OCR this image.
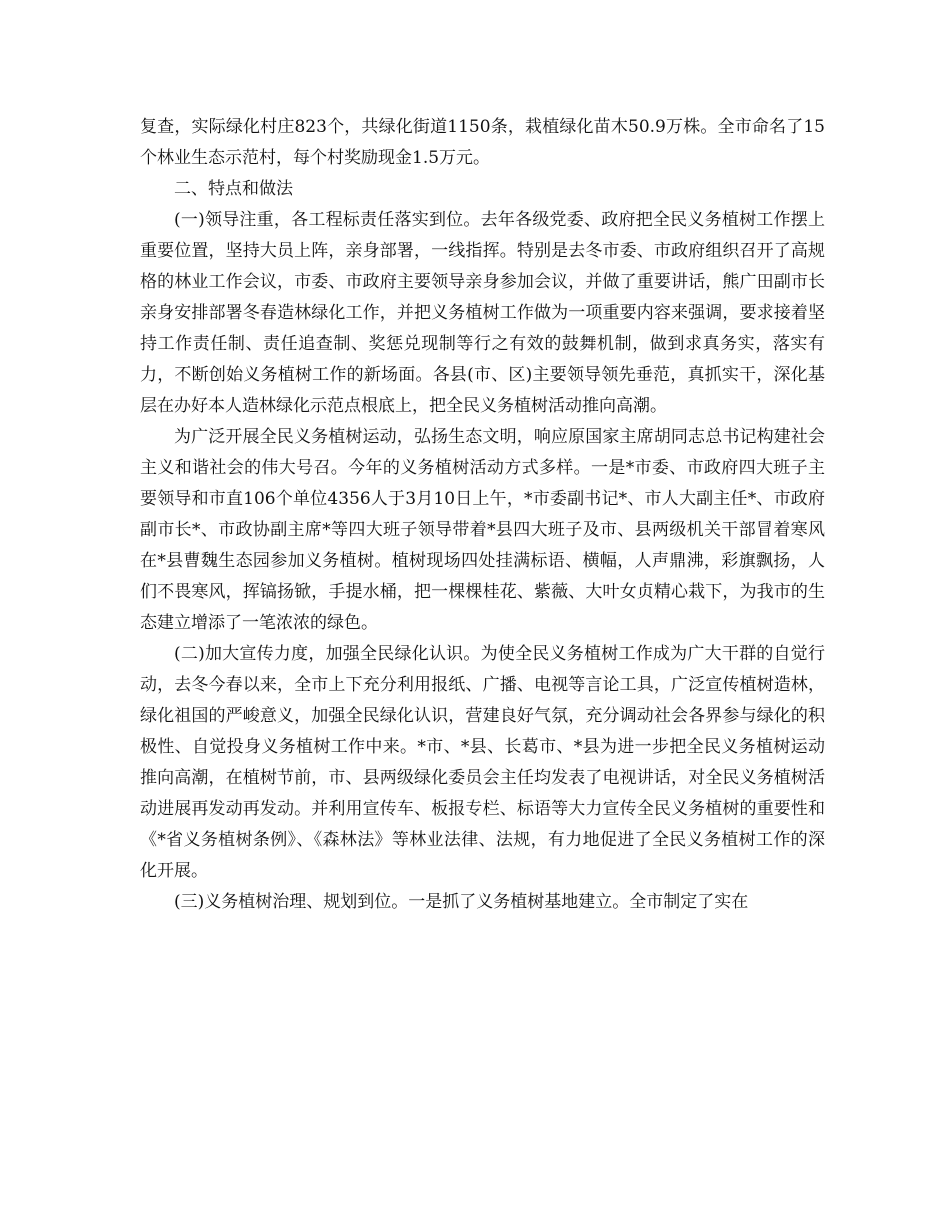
复查，实际绿化村庄823个，共绿化街道1150条，栽植绿化苗木50.9万株。全市命名了15个林业生态示范村，每个村奖励现金1.5万元。

二、特点和做法

(一)领导注重，各工程标责任落实到位。去年各级党委、政府把全民义务植树工作摆上重要位置，坚持大员上阵，亲身部署，一线指挥。特别是去冬市委、市政府组织召开了高规格的林业工作会议，市委、市政府主要领导亲身参加会议，并做了重要讲话，熊广田副市长亲身安排部署冬春造林绿化工作，并把义务植树工作做为一项重要内容来强调，要求接着坚持工作责任制、责任追查制、奖惩兑现制等行之有效的鼓舞机制，做到求真务实，落实有力，不断创始义务植树工作的新场面。各县(市、区)主要领导领先垂范，真抓实干，深化基层在办好本人造林绿化示范点根底上，把全民义务植树活动推向高潮。

为广泛开展全民义务植树运动，弘扬生态文明，响应原国家主席胡同志总书记构建社会主义和谐社会的伟大号召。今年的义务植树活动方式多样。一是*市委、市政府四大班子主要领导和市直106个单位4356人于3月10日上午，*市委副书记*、市人大副主任*、市政府副市长*、市政协副主席*等四大班子领导带着*县四大班子及市、县两级机关干部冒着寒风在*县曹魏生态园参加义务植树。植树现场四处挂满标语、横幅，人声鼎沸，彩旗飘扬，人们不畏寒风，挥镐扬锨，手提水桶，把一棵棵桂花、紫薇、大叶女贞精心栽下，为我市的生态建立增添了一笔浓浓的绿色。

(二)加大宣传力度，加强全民绿化认识。为使全民义务植树工作成为广大干群的自觉行动，去冬今春以来，全市上下充分利用报纸、广播、电视等言论工具，广泛宣传植树造林，绿化祖国的严峻意义，加强全民绿化认识，营建良好气氛，充分调动社会各界参与绿化的积极性、自觉投身义务植树工作中来。*市、*县、长葛市、*县为进一步把全民义务植树运动推向高潮，在植树节前，市、县两级绿化委员会主任均发表了电视讲话，对全民义务植树活动进展再发动再发动。并利用宣传车、板报专栏、标语等大力宣传全民义务植树的重要性和《*省义务植树条例》、《森林法》等林业法律、法规，有力地促进了全民义务植树工作的深化开展。

(三)义务植树治理、规划到位。一是抓了义务植树基地建立。全市制定了实在
